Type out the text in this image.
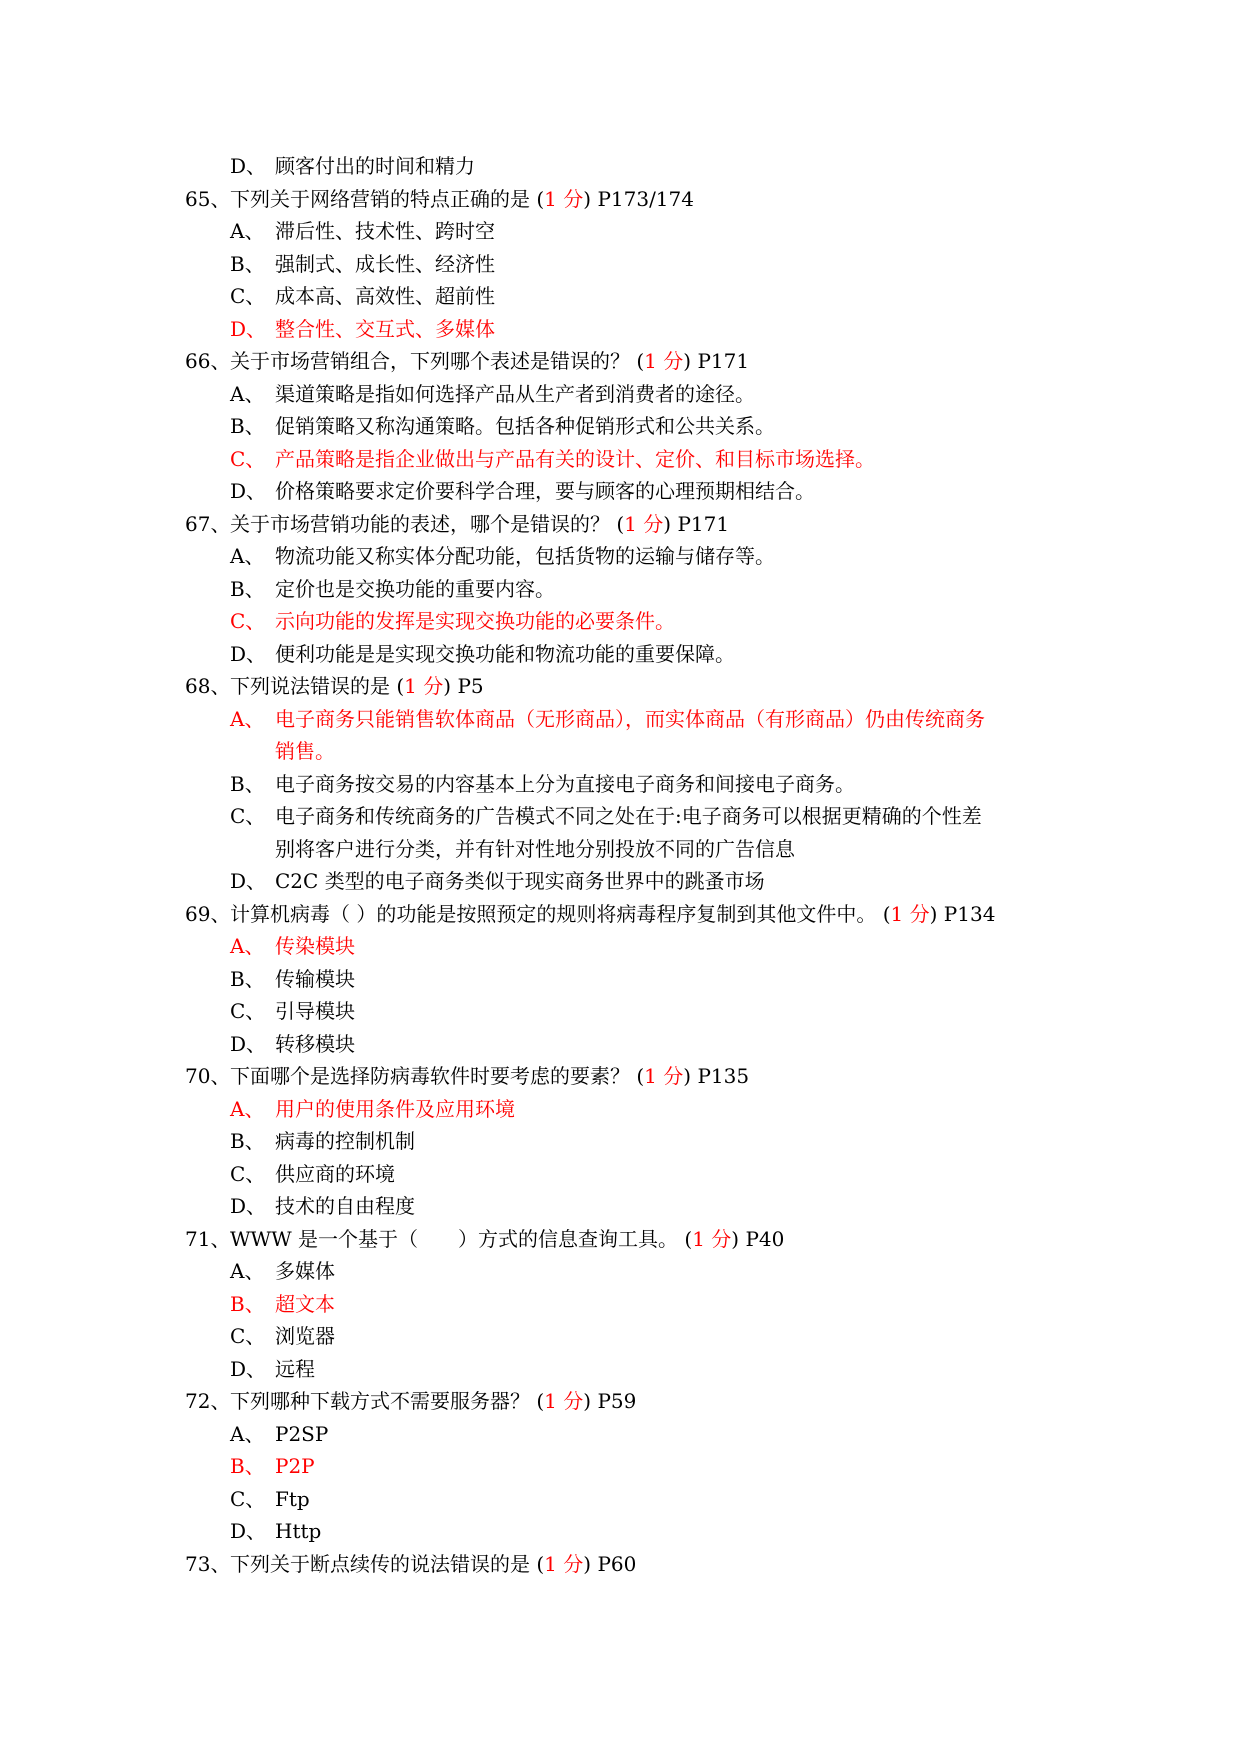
D、 顾客付出的时间和精力
65、 下列关于网络营销的特点正确的是 (1 分) P173/174
A、 滞后性、技术性、跨时空
B、 强制式、成长性、经济性
C、 成本高、高效性、超前性
D、 整合性、交互式、多媒体
66、 关于市场营销组合，下列哪个表述是错误的？ (1 分) P171
A、 渠道策略是指如何选择产品从生产者到消费者的途径。
B、 促销策略又称沟通策略。包括各种促销形式和公共关系。
C、 产品策略是指企业做出与产品有关的设计、定价、和目标市场选择。
D、 价格策略要求定价要科学合理，要与顾客的心理预期相结合。
67、 关于市场营销功能的表述，哪个是错误的？ (1 分) P171
A、 物流功能又称实体分配功能，包括货物的运输与储存等。
B、 定价也是交换功能的重要内容。
C、 示向功能的发挥是实现交换功能的必要条件。
D、 便利功能是是实现交换功能和物流功能的重要保障。
68、 下列说法错误的是 (1 分) P5
A、 电子商务只能销售软体商品（无形商品），而实体商品（有形商品）仍由传统商务
销售。
B、 电子商务按交易的内容基本上分为直接电子商务和间接电子商务。
C、 电子商务和传统商务的广告模式不同之处在于:电子商务可以根据更精确的个性差
别将客户进行分类，并有针对性地分别投放不同的广告信息
D、 C2C 类型的电子商务类似于现实商务世界中的跳蚤市场
69、 计算机病毒（ ）的功能是按照预定的规则将病毒程序复制到其他文件中。 (1 分) P134
A、 传染模块
B、 传输模块
C、 引导模块
D、 转移模块
70、 下面哪个是选择防病毒软件时要考虑的要素？ (1 分) P135
A、 用户的使用条件及应用环境
B、 病毒的控制机制
C、 供应商的环境
D、 技术的自由程度
71、 WWW 是一个基于（　　）方式的信息查询工具。 (1 分) P40
A、 多媒体
B、 超文本
C、 浏览器
D、 远程
72、 下列哪种下载方式不需要服务器？ (1 分) P59
A、 P2SP
B、 P2P
C、 Ftp
D、 Http
73、 下列关于断点续传的说法错误的是 (1 分) P60
